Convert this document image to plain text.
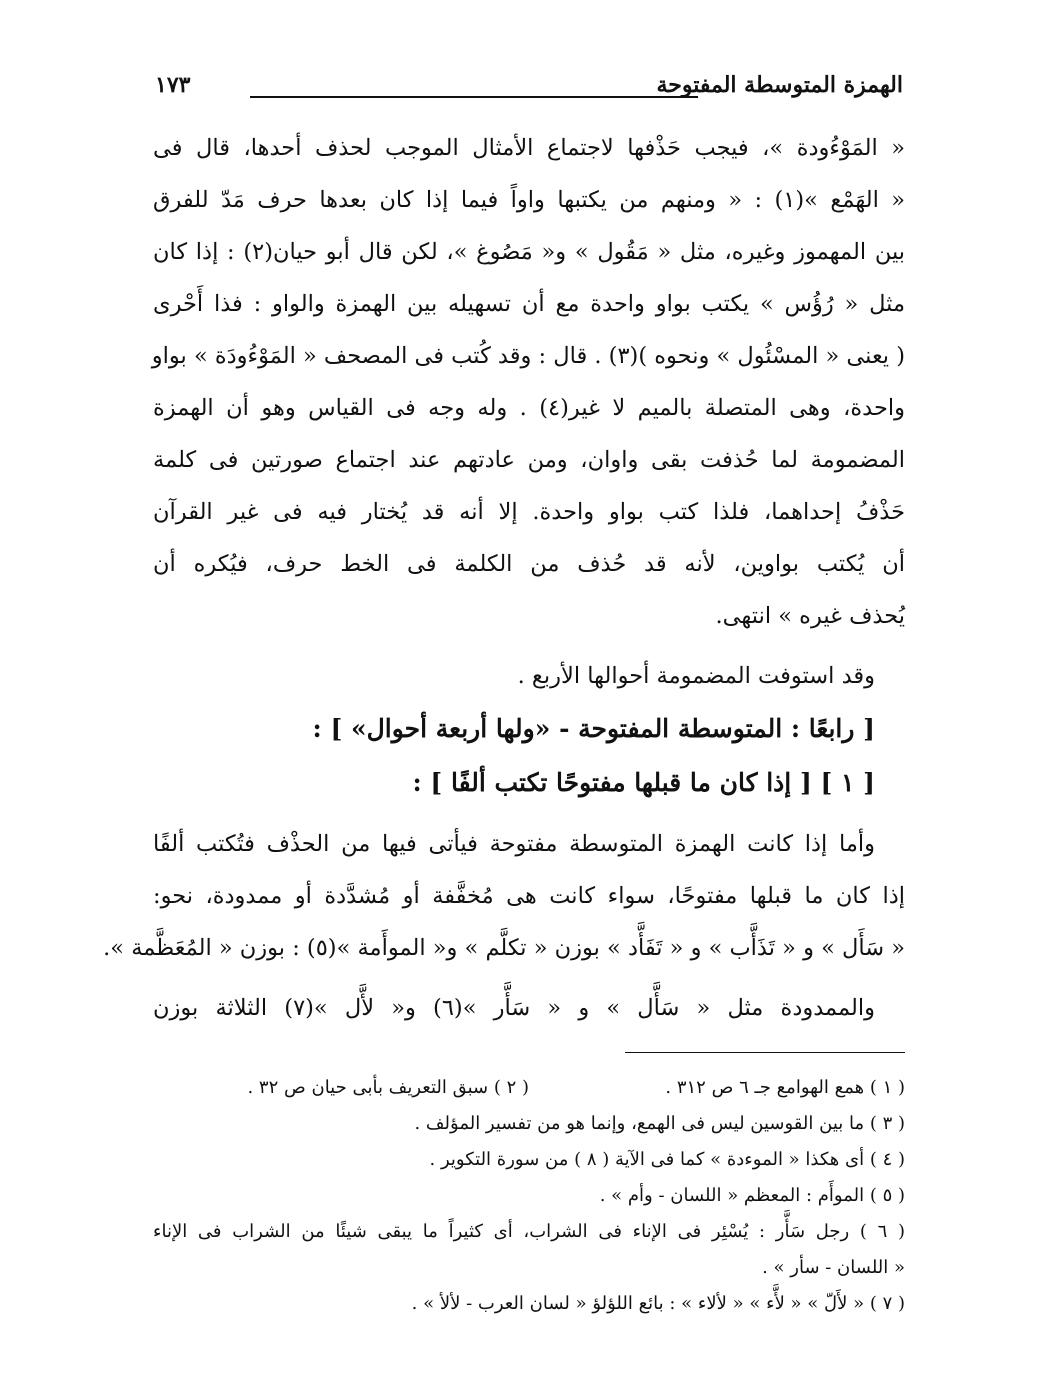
الهمزة المتوسطة المفتوحة
١٧٣
« المَوْءُودة »، فيجب حَذْفها لاجتماع الأمثال الموجب لحذف أحدها، قال فى
« الهَمْع »(١) : « ومنهم من يكتبها واواً فيما إذا كان بعدها حرف مَدّ للفرق
بين المهموز وغيره، مثل « مَقُول » و« مَصُوغ »، لكن قال أبو حيان(٢) : إذا كان
مثل « رُؤُس » يكتب بواو واحدة مع أن تسهيله بين الهمزة والواو : فذا أَحْرى
( يعنى « المسْئُول » ونحوه )(٣) . قال : وقد كُتب فى المصحف « المَوْءُودَة » بواو
واحدة، وهى المتصلة بالميم لا غير(٤) . وله وجه فى القياس وهو أن الهمزة
المضمومة لما حُذفت بقى واوان، ومن عادتهم عند اجتماع صورتين فى كلمة
حَذْفُ إحداهما، فلذا كتب بواو واحدة. إلا أنه قد يُختار فيه فى غير القرآن
أن يُكتب بواوين، لأنه قد حُذف من الكلمة فى الخط حرف، فيُكره أن
يُحذف غيره » انتهى.
وقد استوفت المضمومة أحوالها الأربع .
[ رابعًا : المتوسطة المفتوحة - «ولها أربعة أحوال» ] :
[ ١ ] [ إذا كان ما قبلها مفتوحًا تكتب ألفًا ] :
وأما إذا كانت الهمزة المتوسطة مفتوحة فيأتى فيها من الحذْف فتُكتب ألفًا
إذا كان ما قبلها مفتوحًا، سواء كانت هى مُخفَّفة أو مُشدَّدة أو ممدودة، نحو:
« سَأَل » و « تَذَأَّب » و « تَفَأَّد » بوزن « تكلَّم » و« الموأَمة »(٥) : بوزن « المُعَظَّمة ».
والممدودة مثل « سَأَّل » و « سَأَّر »(٦) و« لأَّل »(٧) الثلاثة بوزن
( ١ ) همع الهوامع جـ ٦ ص ٣١٢ .
( ٢ ) سبق التعريف بأبى حيان ص ٣٢ .
( ٣ ) ما بين القوسين ليس فى الهمع، وإنما هو من تفسير المؤلف .
( ٤ ) أى هكذا « الموءدة » كما فى الآية ( ٨ ) من سورة التكوير .
( ٥ ) الموأَم : المعظم « اللسان - وأم » .
( ٦ ) رجل سَأَّر : يُسْئِر فى الإناء فى الشراب، أى كثيراً ما يبقى شيئًا من الشراب فى الإناء
« اللسان - سأر » .
( ٧ ) « لأَلّ » « لأَّء » « لألاء » : بائع اللؤلؤ « لسان العرب - لألأ » .
